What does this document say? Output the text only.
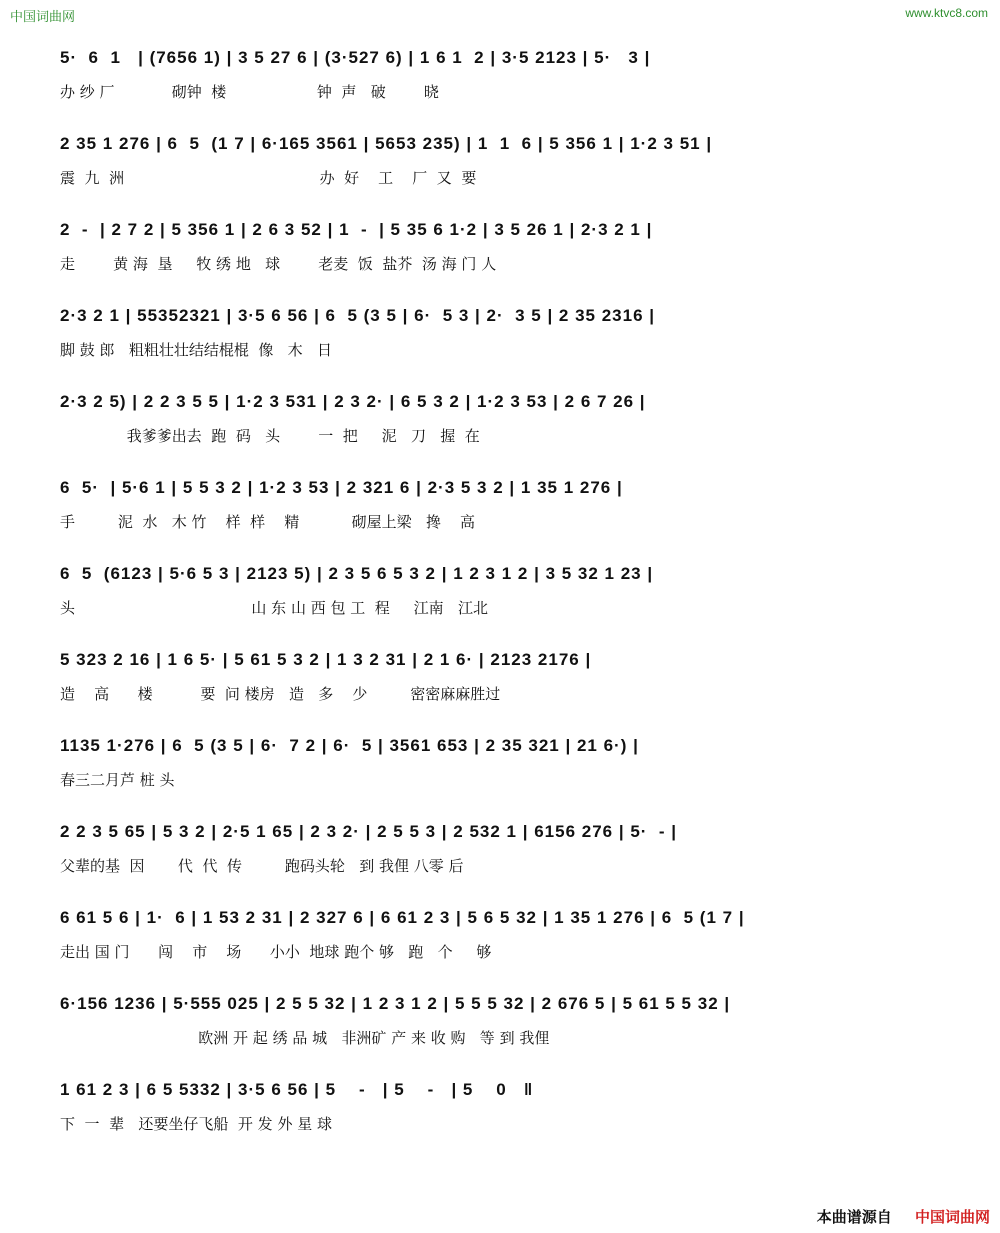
中国词曲网	www.ktvc8.com
5·  6  1   | (7656 1) | 3 5 27 6 | (3·527 6) | 1 6 1  2 | 3·5 2123 | 5·   3 |
办 纱 厂            砌钟  楼                   钟  声   破        晓
2 35 1 276 | 6  5  (1 7 | 6·165 3561 | 5653 235) | 1  1  6 | 5 356 1 | 1·2 3 51 |
震  九  洲                                         办  好    工    厂  又  要
2  -  | 2 7 2 | 5 356 1 | 2 6 3 52 | 1  -  | 5 35 6 1·2 | 3 5 26 1 | 2·3 2 1 |
走        黄 海  垦     牧 绣 地   球        老麦  饭  盐芥  汤 海 门 人
2·3 2 1 | 55352321 | 3·5 6 56 | 6  5 (3 5 | 6·  5 3 | 2·  3 5 | 2 35 2316 |
脚 鼓 郎   粗粗壮壮结结棍棍  像   木   日
2·3 2 5) | 2 2 3 5 5 | 1·2 3 531 | 2 3 2· | 6 5 3 2 | 1·2 3 53 | 2 6 7 26 |
我爹爹出去  跑  码   头        一  把     泥   刀   握  在
6  5·  | 5·6 1 | 5 5 3 2 | 1·2 3 53 | 2 321 6 | 2·3 5 3 2 | 1 35 1 276 |
手         泥  水   木 竹    样  样    精           砌屋上梁   搀    高
6  5  (6123 | 5·6 5 3 | 2123 5) | 2 3 5 6 5 3 2 | 1 2 3 1 2 | 3 5 32 1 23 |
头                                     山 东 山 西 包 工  程     江南   江北
5 323 2 16 | 1 6 5· | 5 61 5 3 2 | 1 3 2 31 | 2 1 6· | 2123 2176 |
造    高      楼          要  问 楼房   造   多    少         密密麻麻胜过
1135 1·276 | 6  5 (3 5 | 6·  7 2 | 6·  5 | 3561 653 | 2 35 321 | 21 6·) |
春三二月芦 桩 头
2 2 3 5 65 | 5 3 2 | 2·5 1 65 | 2 3 2· | 2 5 5 3 | 2 532 1 | 6156 276 | 5·  - |
父辈的基  因       代  代  传         跑码头轮   到 我俚 八零 后
6 61 5 6 | 1·  6 | 1 53 2 31 | 2 327 6 | 6 61 2 3 | 5 6 5 32 | 1 35 1 276 | 6  5 (1 7 |
走出 国 门      闯    市    场      小小  地球 跑个 够   跑   个     够
6·156 1236 | 5·555 025 | 2 5 5 32 | 1 2 3 1 2 | 5 5 5 32 | 2 676 5 | 5 61 5 5 32 |
欧洲 开 起 绣 品 城   非洲矿 产 来 收 购   等 到 我俚
1 61 2 3 | 6 5 5332 | 3·5 6 56 | 5    -   | 5    -   | 5    0   ‖
下  一  辈   还要坐仔飞船  开 发 外 星 球
本曲谱源自 中国词曲网
